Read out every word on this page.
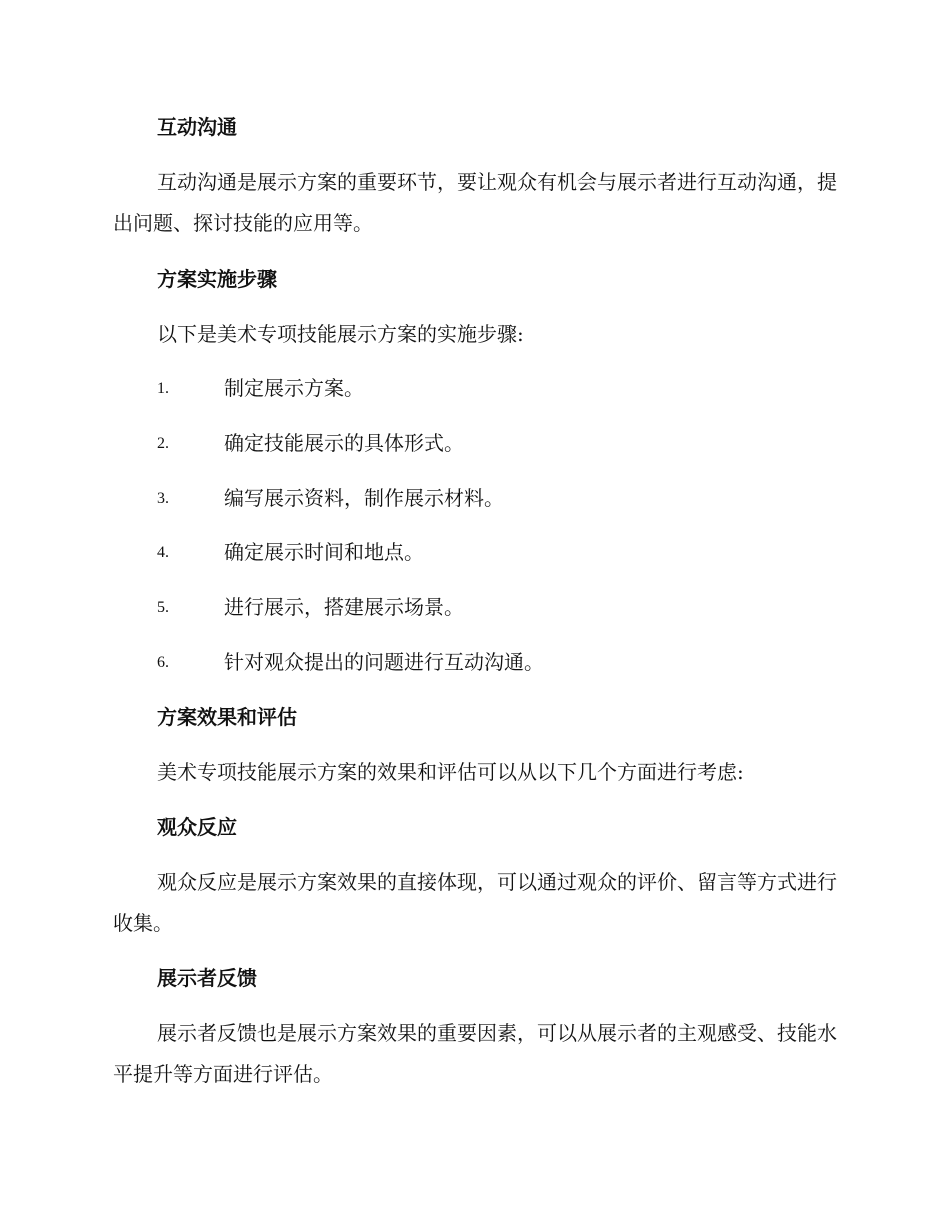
互动沟通

互动沟通是展示方案的重要环节，要让观众有机会与展示者进行互动沟通，提出问题、探讨技能的应用等。

方案实施步骤

以下是美术专项技能展示方案的实施步骤:

1.	制定展示方案。
2.	确定技能展示的具体形式。
3.	编写展示资料，制作展示材料。
4.	确定展示时间和地点。
5.	进行展示，搭建展示场景。
6.	针对观众提出的问题进行互动沟通。
方案效果和评估

美术专项技能展示方案的效果和评估可以从以下几个方面进行考虑:

观众反应

观众反应是展示方案效果的直接体现，可以通过观众的评价、留言等方式进行收集。

展示者反馈

展示者反馈也是展示方案效果的重要因素，可以从展示者的主观感受、技能水平提升等方面进行评估。
